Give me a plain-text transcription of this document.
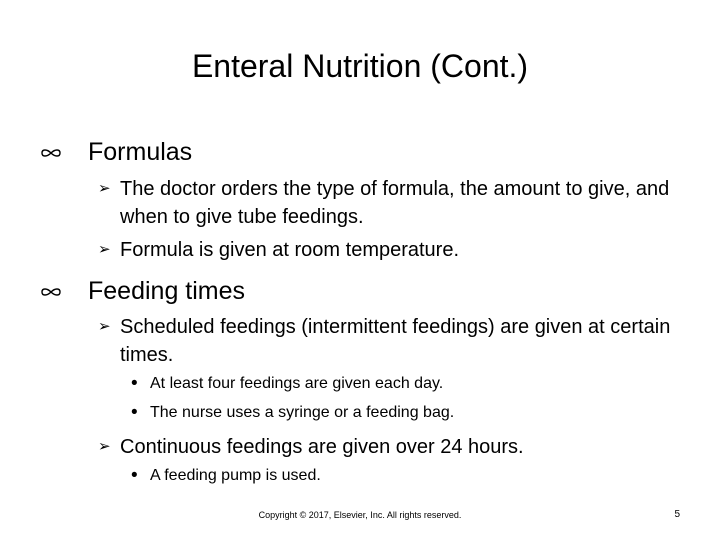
Enteral Nutrition (Cont.)
Formulas
➢ The doctor orders the type of formula, the amount to give, and when to give tube feedings.
➢ Formula is given at room temperature.
Feeding times
➢ Scheduled feedings (intermittent feedings) are given at certain times.
• At least four feedings are given each day.
• The nurse uses a syringe or a feeding bag.
➢ Continuous feedings are given over 24 hours.
• A feeding pump is used.
Copyright © 2017, Elsevier, Inc. All rights reserved.	5
